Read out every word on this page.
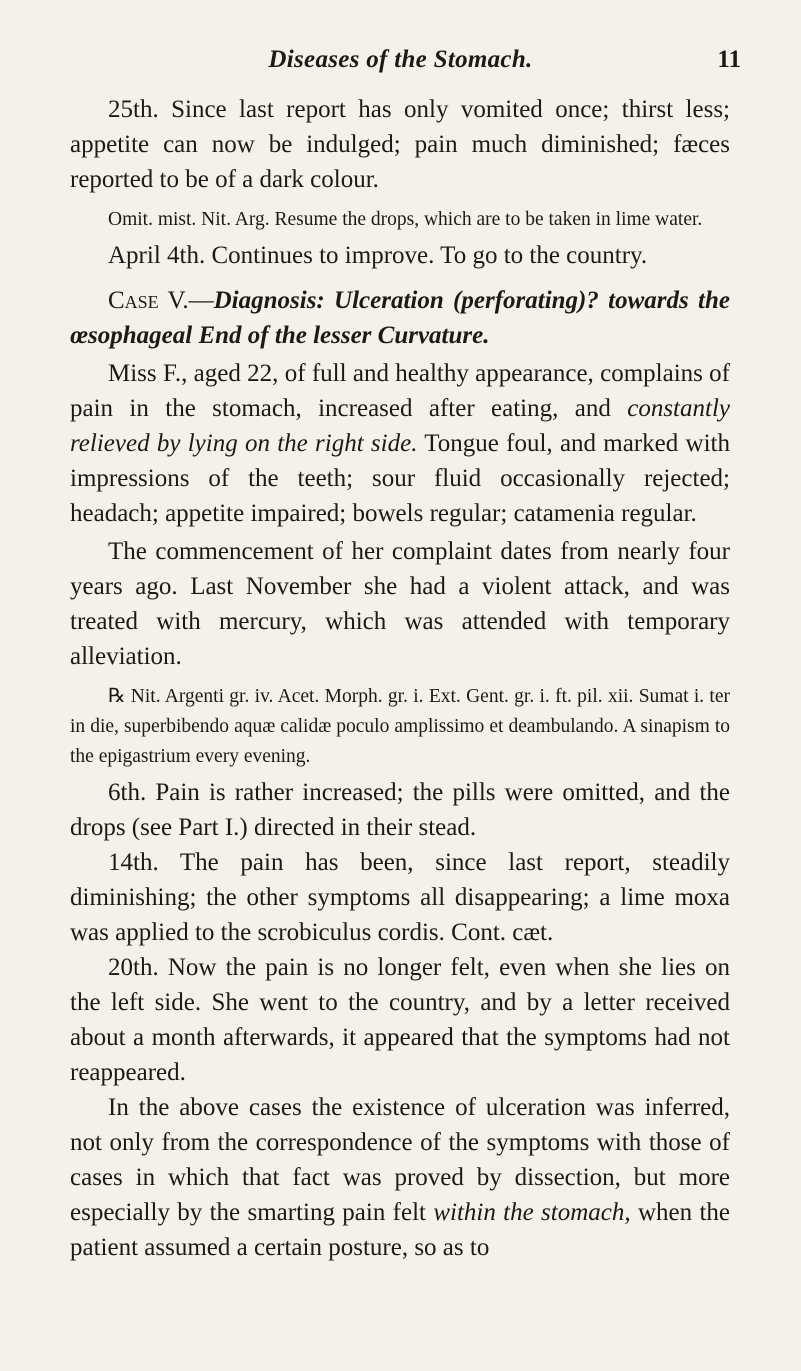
Diseases of the Stomach.	11

25th. Since last report has only vomited once; thirst less; appetite can now be indulged; pain much diminished; fæces reported to be of a dark colour.

Omit. mist. Nit. Arg. Resume the drops, which are to be taken in lime water.

April 4th. Continues to improve. To go to the country.

Case V.—Diagnosis: Ulceration (perforating)? towards the œsophageal End of the lesser Curvature.

Miss F., aged 22, of full and healthy appearance, complains of pain in the stomach, increased after eating, and constantly relieved by lying on the right side. Tongue foul, and marked with impressions of the teeth; sour fluid occasionally rejected; headach; appetite impaired; bowels regular; catamenia regular.

The commencement of her complaint dates from nearly four years ago. Last November she had a violent attack, and was treated with mercury, which was attended with temporary alleviation.

℞ Nit. Argenti gr. iv. Acet. Morph. gr. i. Ext. Gent. gr. i. ft. pil. xii. Sumat i. ter in die, superbibendo aquæ calidæ poculo amplissimo et deambulando. A sinapism to the epigastrium every evening.

6th. Pain is rather increased; the pills were omitted, and the drops (see Part I.) directed in their stead.

14th. The pain has been, since last report, steadily diminishing; the other symptoms all disappearing; a lime moxa was applied to the scrobiculus cordis. Cont. cæt.

20th. Now the pain is no longer felt, even when she lies on the left side. She went to the country, and by a letter received about a month afterwards, it appeared that the symptoms had not reappeared.

In the above cases the existence of ulceration was inferred, not only from the correspondence of the symptoms with those of cases in which that fact was proved by dissection, but more especially by the smarting pain felt within the stomach, when the patient assumed a certain posture, so as to
